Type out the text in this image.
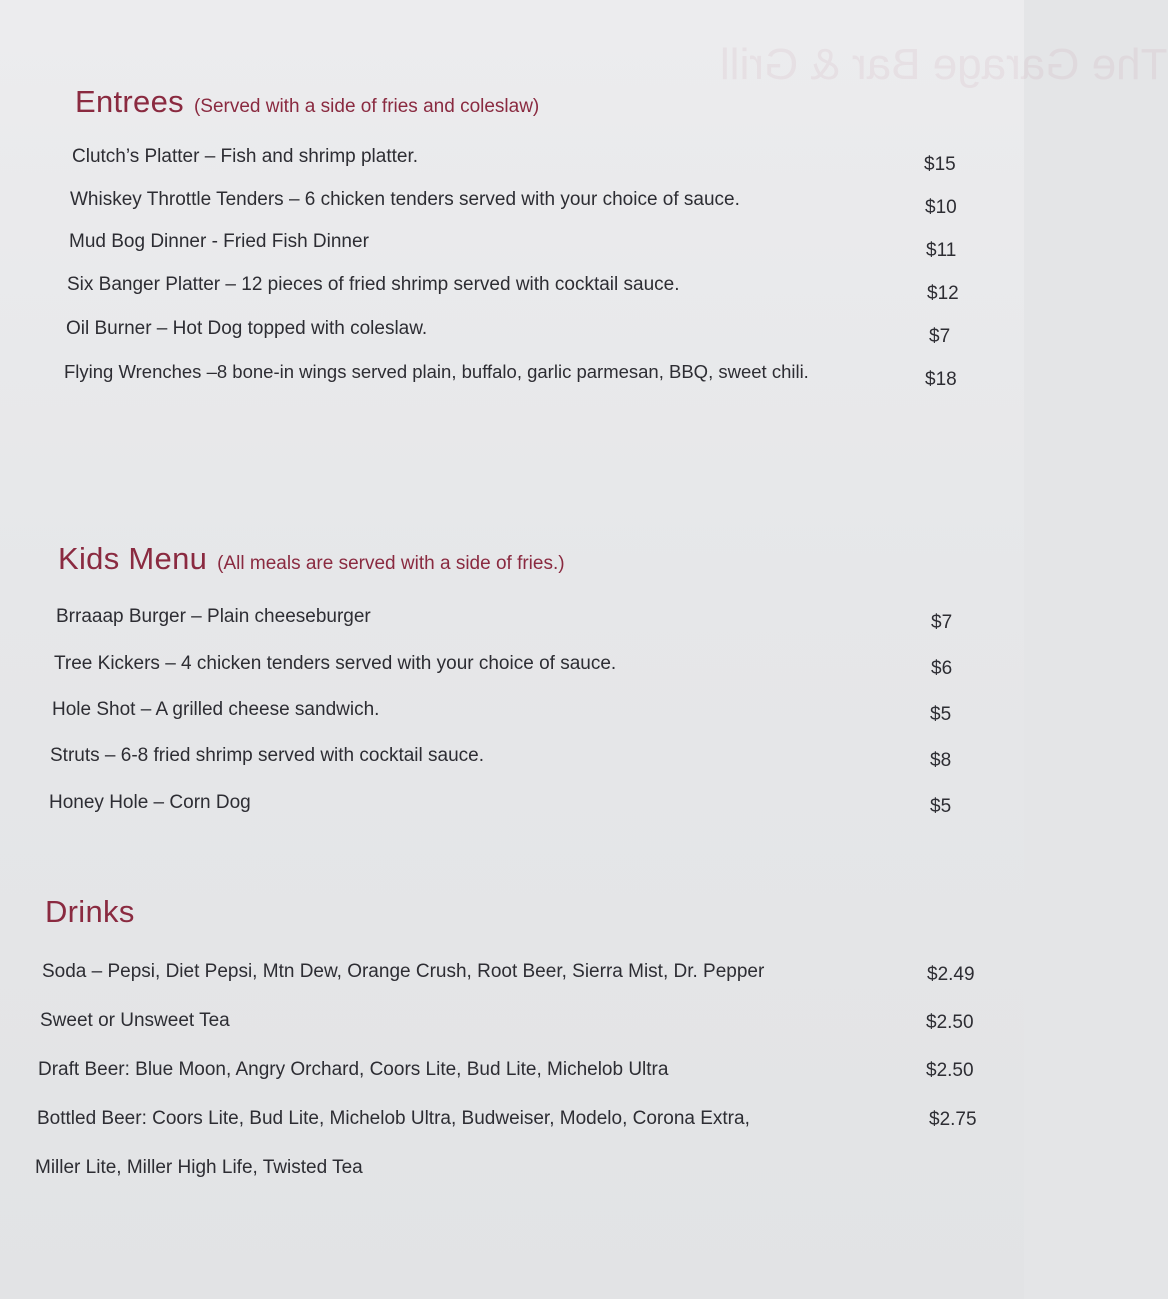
The Garage Bar & Grill
Entrees (Served with a side of fries and coleslaw)
Clutch’s Platter – Fish and shrimp platter.	$15
Whiskey Throttle Tenders – 6 chicken tenders served with your choice of sauce.	$10
Mud Bog Dinner - Fried Fish Dinner	$11
Six Banger Platter – 12 pieces of fried shrimp served with cocktail sauce.	$12
Oil Burner – Hot Dog topped with coleslaw.	$7
Flying Wrenches –8 bone-in wings served plain, buffalo, garlic parmesan, BBQ, sweet chili.	$18
Kids Menu (All meals are served with a side of fries.)
Brraaap Burger – Plain cheeseburger	$7
Tree Kickers – 4 chicken tenders served with your choice of sauce.	$6
Hole Shot – A grilled cheese sandwich.	$5
Struts – 6-8 fried shrimp served with cocktail sauce.	$8
Honey Hole – Corn Dog	$5
Drinks
Soda – Pepsi, Diet Pepsi, Mtn Dew, Orange Crush, Root Beer, Sierra Mist, Dr. Pepper	$2.49
Sweet or Unsweet Tea	$2.50
Draft Beer: Blue Moon, Angry Orchard, Coors Lite, Bud Lite, Michelob Ultra	$2.50
Bottled Beer: Coors Lite, Bud Lite, Michelob Ultra, Budweiser, Modelo, Corona Extra,	$2.75
Miller Lite, Miller High Life, Twisted Tea
